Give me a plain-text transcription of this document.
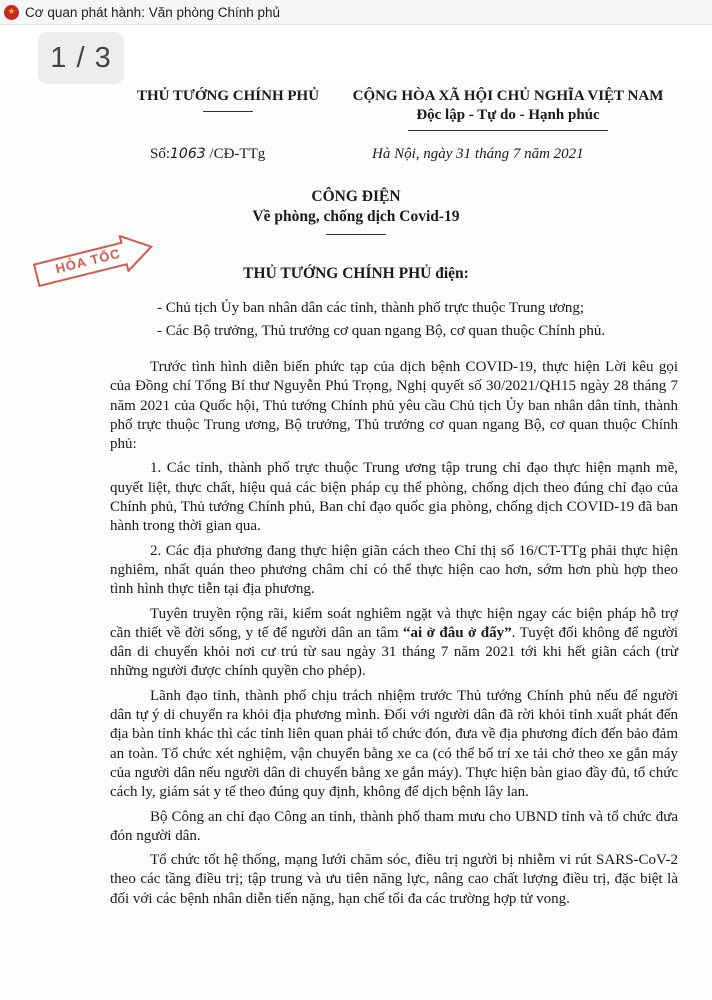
Cơ quan phát hành: Văn phòng Chính phủ
THỦ TƯỚNG CHÍNH PHỦ	CỘNG HÒA XÃ HỘI CHỦ NGHĨA VIỆT NAM
Độc lập - Tự do - Hạnh phúc
Số:1063 /CĐ-TTg	Hà Nội, ngày 31 tháng 7 năm 2021
CÔNG ĐIỆN
Về phòng, chống dịch Covid-19
HỎA TỐC	THỦ TƯỚNG CHÍNH PHỦ điện:
- Chủ tịch Ủy ban nhân dân các tỉnh, thành phố trực thuộc Trung ương;
- Các Bộ trưởng, Thủ trưởng cơ quan ngang Bộ, cơ quan thuộc Chính phủ.

Trước tình hình diễn biến phức tạp của dịch bệnh COVID-19, thực hiện Lời kêu gọi của Đồng chí Tổng Bí thư Nguyễn Phú Trọng, Nghị quyết số 30/2021/QH15 ngày 28 tháng 7 năm 2021 của Quốc hội, Thủ tướng Chính phủ yêu cầu Chủ tịch Ủy ban nhân dân tỉnh, thành phố trực thuộc Trung ương, Bộ trưởng, Thủ trưởng cơ quan ngang Bộ, cơ quan thuộc Chính phủ:

1. Các tỉnh, thành phố trực thuộc Trung ương tập trung chỉ đạo thực hiện mạnh mẽ, quyết liệt, thực chất, hiệu quả các biện pháp cụ thể phòng, chống dịch theo đúng chỉ đạo của Chính phủ, Thủ tướng Chính phủ, Ban chỉ đạo quốc gia phòng, chống dịch COVID-19 đã ban hành trong thời gian qua.

2. Các địa phương đang thực hiện giãn cách theo Chỉ thị số 16/CT-TTg phải thực hiện nghiêm, nhất quán theo phương châm chỉ có thể thực hiện cao hơn, sớm hơn phù hợp theo tình hình thực tiễn tại địa phương.

Tuyên truyền rộng rãi, kiểm soát nghiêm ngặt và thực hiện ngay các biện pháp hỗ trợ cần thiết về đời sống, y tế để người dân an tâm “ai ở đâu ở đấy”. Tuyệt đối không để người dân di chuyển khỏi nơi cư trú từ sau ngày 31 tháng 7 năm 2021 tới khi hết giãn cách (trừ những người được chính quyền cho phép).

Lãnh đạo tỉnh, thành phố chịu trách nhiệm trước Thủ tướng Chính phủ nếu để người dân tự ý di chuyển ra khỏi địa phương mình. Đối với người dân đã rời khỏi tỉnh xuất phát đến địa bàn tỉnh khác thì các tỉnh liên quan phải tổ chức đón, đưa về địa phương đích đến bảo đảm an toàn. Tổ chức xét nghiệm, vận chuyển bằng xe ca (có thể bố trí xe tải chở theo xe gắn máy của người dân nếu người dân di chuyển bằng xe gắn máy). Thực hiện bàn giao đầy đủ, tổ chức cách ly, giám sát y tế theo đúng quy định, không để dịch bệnh lây lan.

Bộ Công an chỉ đạo Công an tỉnh, thành phố tham mưu cho UBND tỉnh và tổ chức đưa đón người dân.

Tổ chức tốt hệ thống, mạng lưới chăm sóc, điều trị người bị nhiễm vi rút SARS-CoV-2 theo các tầng điều trị; tập trung và ưu tiên năng lực, nâng cao chất lượng điều trị, đặc biệt là đối với các bệnh nhân diễn tiến nặng, hạn chế tối đa các trường hợp tử vong.

1 / 3
